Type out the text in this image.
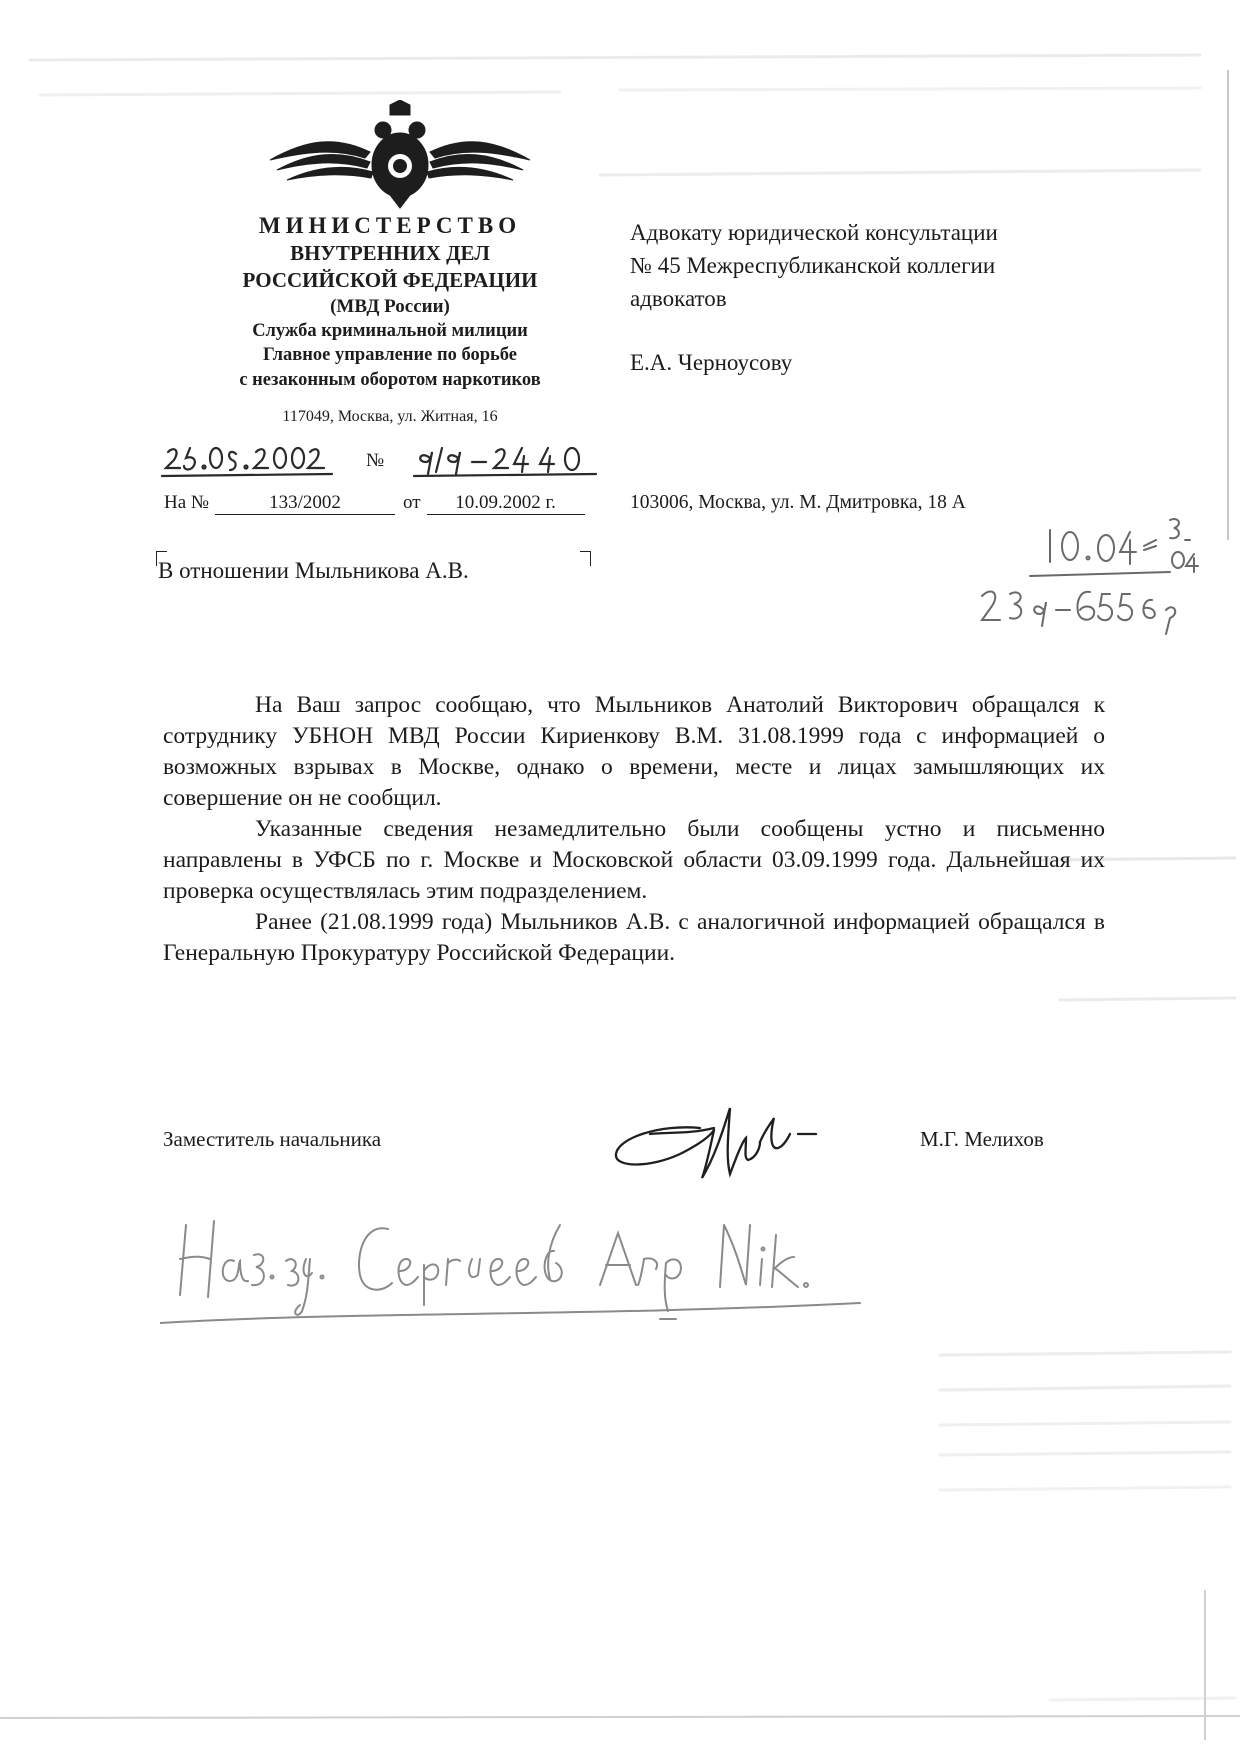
МИНИСТЕРСТВО
ВНУТРЕННИХ ДЕЛ
РОССИЙСКОЙ ФЕДЕРАЦИИ
(МВД России)
Служба криминальной милиции
Главное управление по борьбе
с незаконным оборотом наркотиков
117049, Москва, ул. Житная, 16
№
На №	133/2002	от 10.09.2002 г.
Адвокату юридической консультации
№ 45 Межреспубликанской коллегии
адвокатов
Е.А. Черноусову
103006, Москва, ул. М. Дмитровка, 18 А
В отношении Мыльникова А.В.

На Ваш запрос сообщаю, что Мыльников Анатолий Викторович обращался к сотруднику УБНОН МВД России Кириенкову В.М. 31.08.1999 года с информацией о возможных взрывах в Москве, однако о времени, месте и лицах замышляющих их совершение он не сообщил.

Указанные сведения незамедлительно были сообщены устно и письменно направлены в УФСБ по г. Москве и Московской области 03.09.1999 года. Дальнейшая их проверка осуществлялась этим подразделением.

Ранее (21.08.1999 года) Мыльников А.В. с аналогичной информацией обращался в Генеральную Прокуратуру Российской Федерации.

Заместитель начальника	М.Г. Мелихов
